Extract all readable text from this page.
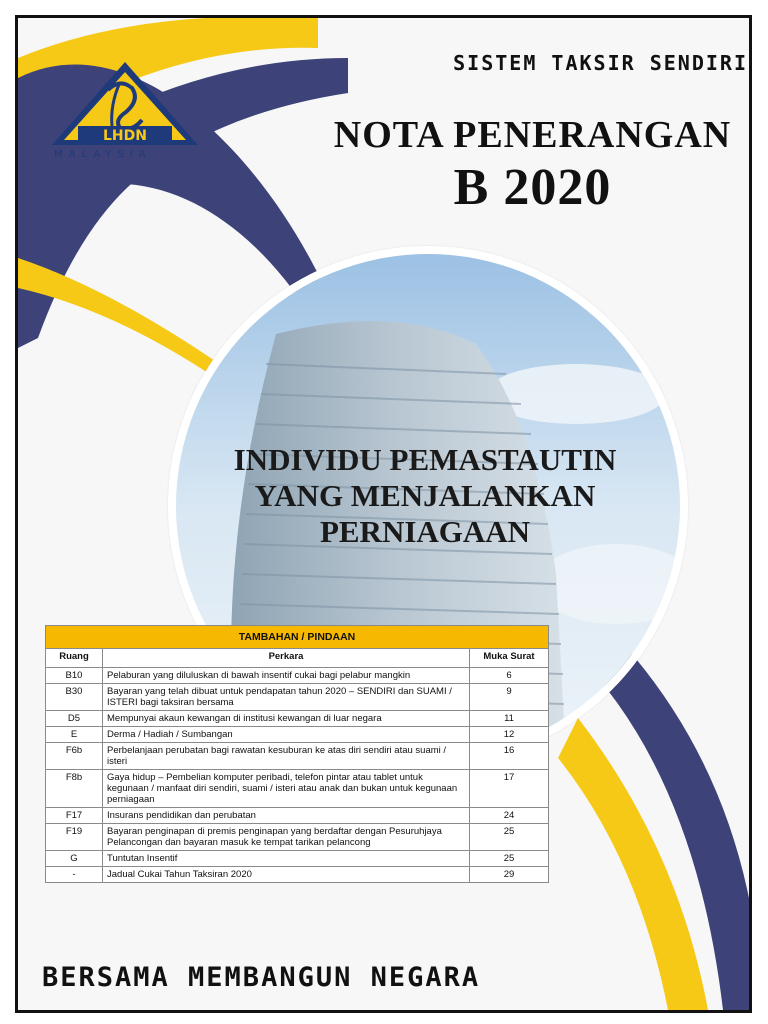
SISTEM TAKSIR SENDIRI
LHDN
MALAYSIA	NOTA PENERANGAN
B 2020
INDIVIDU PEMASTAUTIN
YANG MENJALANKAN
PERNIAGAAN
TAMBAHAN / PINDAAN		
Ruang	Perkara	Muka Surat
B10	Pelaburan yang diluluskan di bawah insentif cukai bagi pelabur mangkin	6
B30	Bayaran yang telah dibuat untuk pendapatan tahun 2020 – SENDIRI dan SUAMI / ISTERI bagi taksiran bersama	9
D5	Mempunyai akaun kewangan di institusi kewangan di luar negara	11
E	Derma / Hadiah / Sumbangan	12
F6b	Perbelanjaan perubatan bagi rawatan kesuburan ke atas diri sendiri atau suami / isteri	16
F8b	Gaya hidup – Pembelian komputer peribadi, telefon pintar atau tablet untuk kegunaan / manfaat diri sendiri, suami / isteri atau anak dan bukan untuk kegunaan perniagaan	17
F17	Insurans pendidikan dan perubatan	24
F19	Bayaran penginapan di premis penginapan yang berdaftar dengan Pesuruhjaya Pelancongan dan bayaran masuk ke tempat tarikan pelancong	25
G	Tuntutan Insentif	25
-	Jadual Cukai Tahun Taksiran 2020	29
BERSAMA MEMBANGUN NEGARA
